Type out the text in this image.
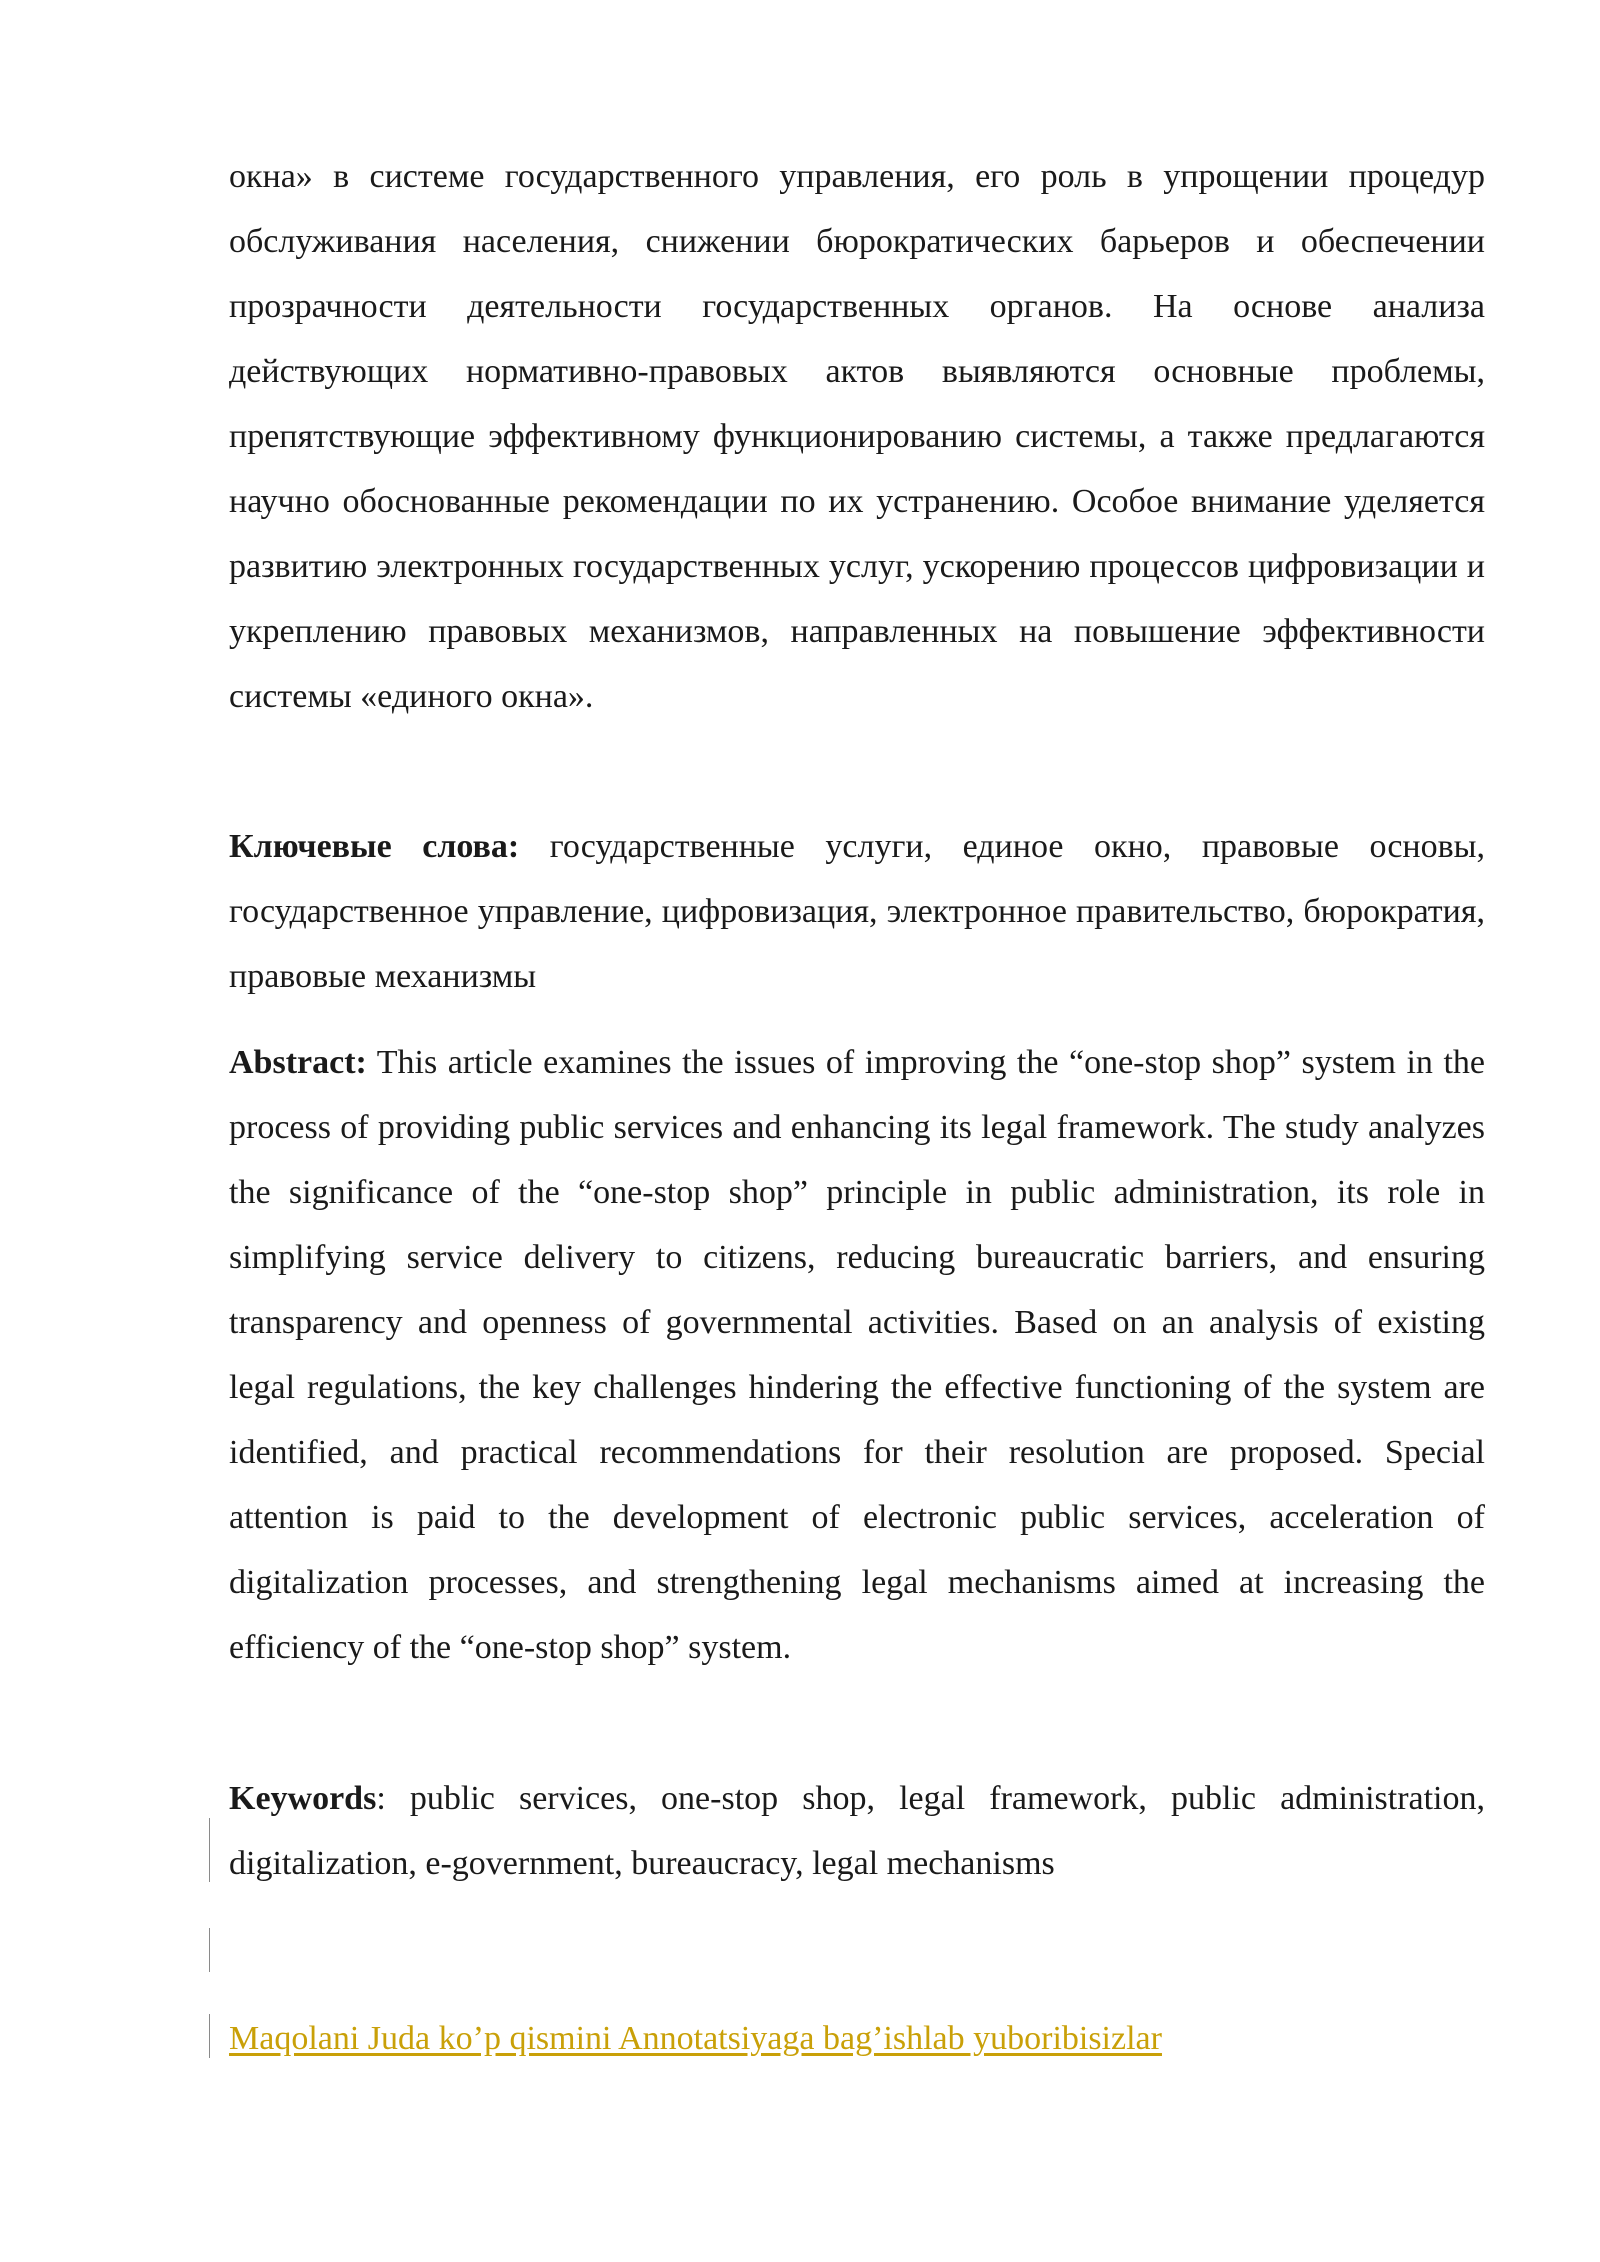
окна» в системе государственного управления, его роль в упрощении процедур обслуживания населения, снижении бюрократических барьеров и обеспечении прозрачности деятельности государственных органов. На основе анализа действующих нормативно-правовых актов выявляются основные проблемы, препятствующие эффективному функционированию системы, а также предлагаются научно обоснованные рекомендации по их устранению. Особое внимание уделяется развитию электронных государственных услуг, ускорению процессов цифровизации и укреплению правовых механизмов, направленных на повышение эффективности системы «единого окна».

Ключевые слова: государственные услуги, единое окно, правовые основы, государственное управление, цифровизация, электронное правительство, бюрократия, правовые механизмы

Abstract: This article examines the issues of improving the “one-stop shop” system in the process of providing public services and enhancing its legal framework. The study analyzes the significance of the “one-stop shop” principle in public administration, its role in simplifying service delivery to citizens, reducing bureaucratic barriers, and ensuring transparency and openness of governmental activities. Based on an analysis of existing legal regulations, the key challenges hindering the effective functioning of the system are identified, and practical recommendations for their resolution are proposed. Special attention is paid to the development of electronic public services, acceleration of digitalization processes, and strengthening legal mechanisms aimed at increasing the efficiency of the “one-stop shop” system.

Keywords: public services, one-stop shop, legal framework, public administration, digitalization, e-government, bureaucracy, legal mechanisms

Maqolani Juda ko’p qismini Annotatsiyaga bag’ishlab yuboribisizlar
